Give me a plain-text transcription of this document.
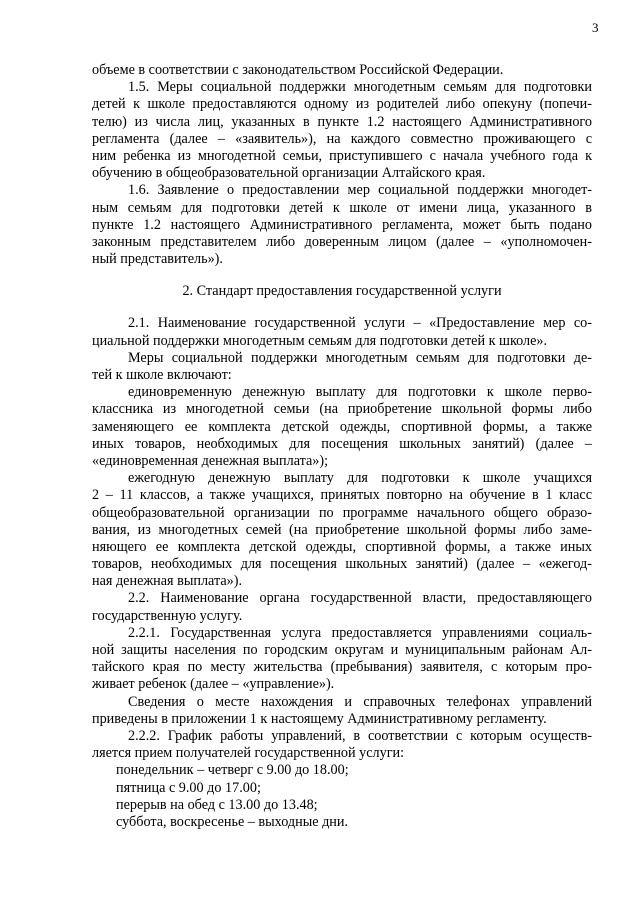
3
объеме в соответствии с законодательством Российской Федерации.
1.5. Меры социальной поддержки многодетным семьям для подготовки
детей к школе предоставляются одному из родителей либо опекуну (попечи-
телю) из числа лиц, указанных в пункте 1.2 настоящего Административного
регламента (далее – «заявитель»), на каждого совместно проживающего с
ним ребенка из многодетной семьи, приступившего с начала учебного года к
обучению в общеобразовательной организации Алтайского края.
1.6. Заявление о предоставлении мер социальной поддержки многодет-
ным семьям для подготовки детей к школе от имени лица, указанного в
пункте 1.2 настоящего Административного регламента, может быть подано
законным представителем либо доверенным лицом (далее – «уполномочен-
ный представитель»).
2. Стандарт предоставления государственной услуги
2.1. Наименование государственной услуги – «Предоставление мер со-
циальной поддержки многодетным семьям для подготовки детей к школе».
Меры социальной поддержки многодетным семьям для подготовки де-
тей к школе включают:
единовременную денежную выплату для подготовки к школе перво-
классника из многодетной семьи (на приобретение школьной формы либо
заменяющего ее комплекта детской одежды, спортивной формы, а также
иных товаров, необходимых для посещения школьных занятий) (далее –
«единовременная денежная выплата»);
ежегодную денежную выплату для подготовки к школе учащихся
2 – 11 классов, а также учащихся, принятых повторно на обучение в 1 класс
общеобразовательной организации по программе начального общего образо-
вания, из многодетных семей (на приобретение школьной формы либо заме-
няющего ее комплекта детской одежды, спортивной формы, а также иных
товаров, необходимых для посещения школьных занятий) (далее – «ежегод-
ная денежная выплата»).
2.2. Наименование органа государственной власти, предоставляющего
государственную услугу.
2.2.1. Государственная услуга предоставляется управлениями социаль-
ной защиты населения по городским округам и муниципальным районам Ал-
тайского края по месту жительства (пребывания) заявителя, с которым про-
живает ребенок (далее – «управление»).
Сведения о месте нахождения и справочных телефонах управлений
приведены в приложении 1 к настоящему Административному регламенту.
2.2.2. График работы управлений, в соответствии с которым осуществ-
ляется прием получателей государственной услуги:
понедельник – четверг с 9.00 до 18.00;
пятница с 9.00 до 17.00;
перерыв на обед с 13.00 до 13.48;
суббота, воскресенье – выходные дни.
